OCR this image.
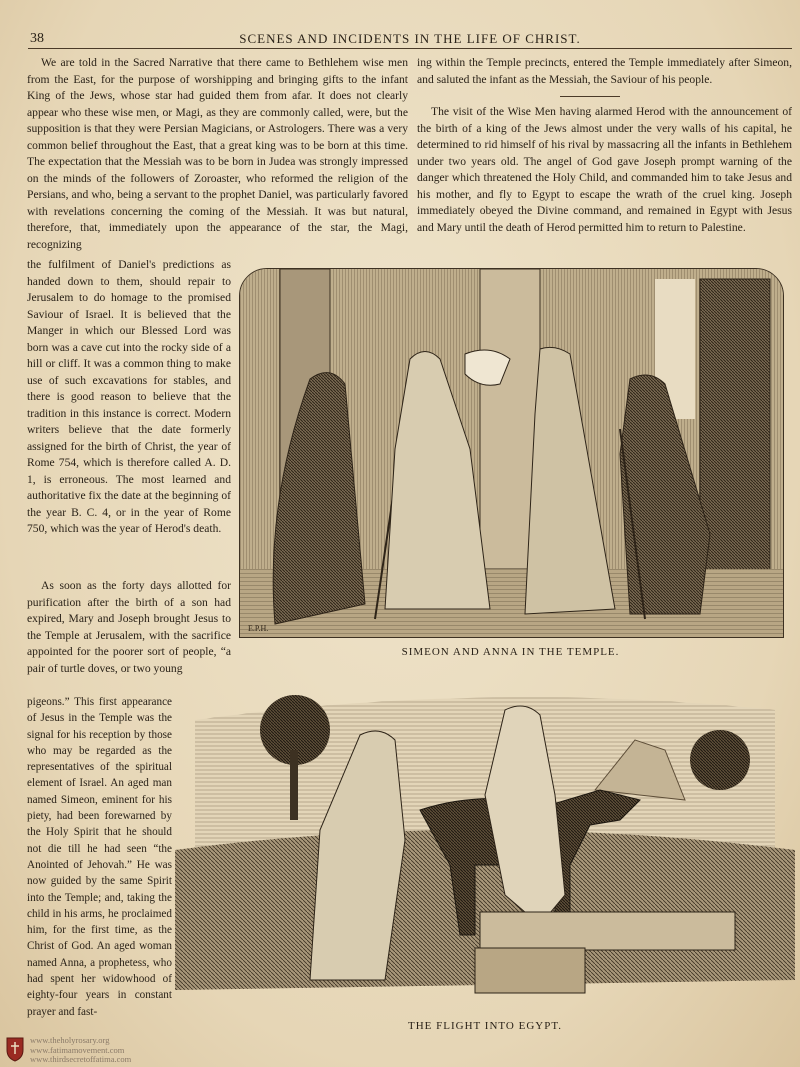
38	SCENES AND INCIDENTS IN THE LIFE OF CHRIST.

We are told in the Sacred Narrative that there came to Bethlehem wise men from the East, for the purpose of worshipping and bringing gifts to the infant King of the Jews, whose star had guided them from afar. It does not clearly appear who these wise men, or Magi, as they are commonly called, were, but the supposition is that they were Persian Magicians, or Astrologers. There was a very common belief throughout the East, that a great king was to be born at this time. The expectation that the Messiah was to be born in Judea was strongly impressed on the minds of the followers of Zoroaster, who reformed the religion of the Persians, and who, being a servant to the prophet Daniel, was particularly favored with revelations concerning the coming of the Messiah. It was but natural, therefore, that, immediately upon the appearance of the star, the Magi, recognizing

the fulfilment of Daniel's predictions as handed down to them, should repair to Jerusalem to do homage to the promised Saviour of Israel. It is believed that the Manger in which our Blessed Lord was born was a cave cut into the rocky side of a hill or cliff. It was a common thing to make use of such excavations for stables, and there is good reason to believe that the tradition in this instance is correct. Modern writers believe that the date formerly assigned for the birth of Christ, the year of Rome 754, which is therefore called A. D. 1, is erroneous. The most learned and authoritative fix the date at the beginning of the year B. C. 4, or in the year of Rome 750, which was the year of Herod's death.

ing within the Temple precincts, entered the Temple immediately after Simeon, and saluted the infant as the Messiah, the Saviour of his people.

The visit of the Wise Men having alarmed Herod with the announcement of the birth of a king of the Jews almost under the very walls of his capital, he determined to rid himself of his rival by massacring all the infants in Bethlehem under two years old. The angel of God gave Joseph prompt warning of the danger which threatened the Holy Child, and commanded him to take Jesus and his mother, and fly to Egypt to escape the wrath of the cruel king. Joseph immediately obeyed the Divine command, and remained in Egypt with Jesus and Mary until the death of Herod permitted him to return to Palestine.

As soon as the forty days allotted for purification after the birth of a son had expired, Mary and Joseph brought Jesus to the Temple at Jerusalem, with the sacrifice appointed for the poorer sort of people, “a pair of turtle doves, or two young

pigeons.” This first appearance of Jesus in the Temple was the signal for his reception by those who may be regarded as the representatives of the spiritual element of Israel. An aged man named Simeon, eminent for his piety, had been forewarned by the Holy Spirit that he should not die till he had seen “the Anointed of Jehovah.” He was now guided by the same Spirit into the Temple; and, taking the child in his arms, he proclaimed him, for the first time, as the Christ of God. An aged woman named Anna, a prophetess, who had spent her widowhood of eighty-four years in constant prayer and fast-

E.P.H.
SIMEON AND ANNA IN THE TEMPLE.
THE FLIGHT INTO EGYPT.
www.theholyrosary.org
www.fatimamovement.com
www.thirdsecretoffatima.com
